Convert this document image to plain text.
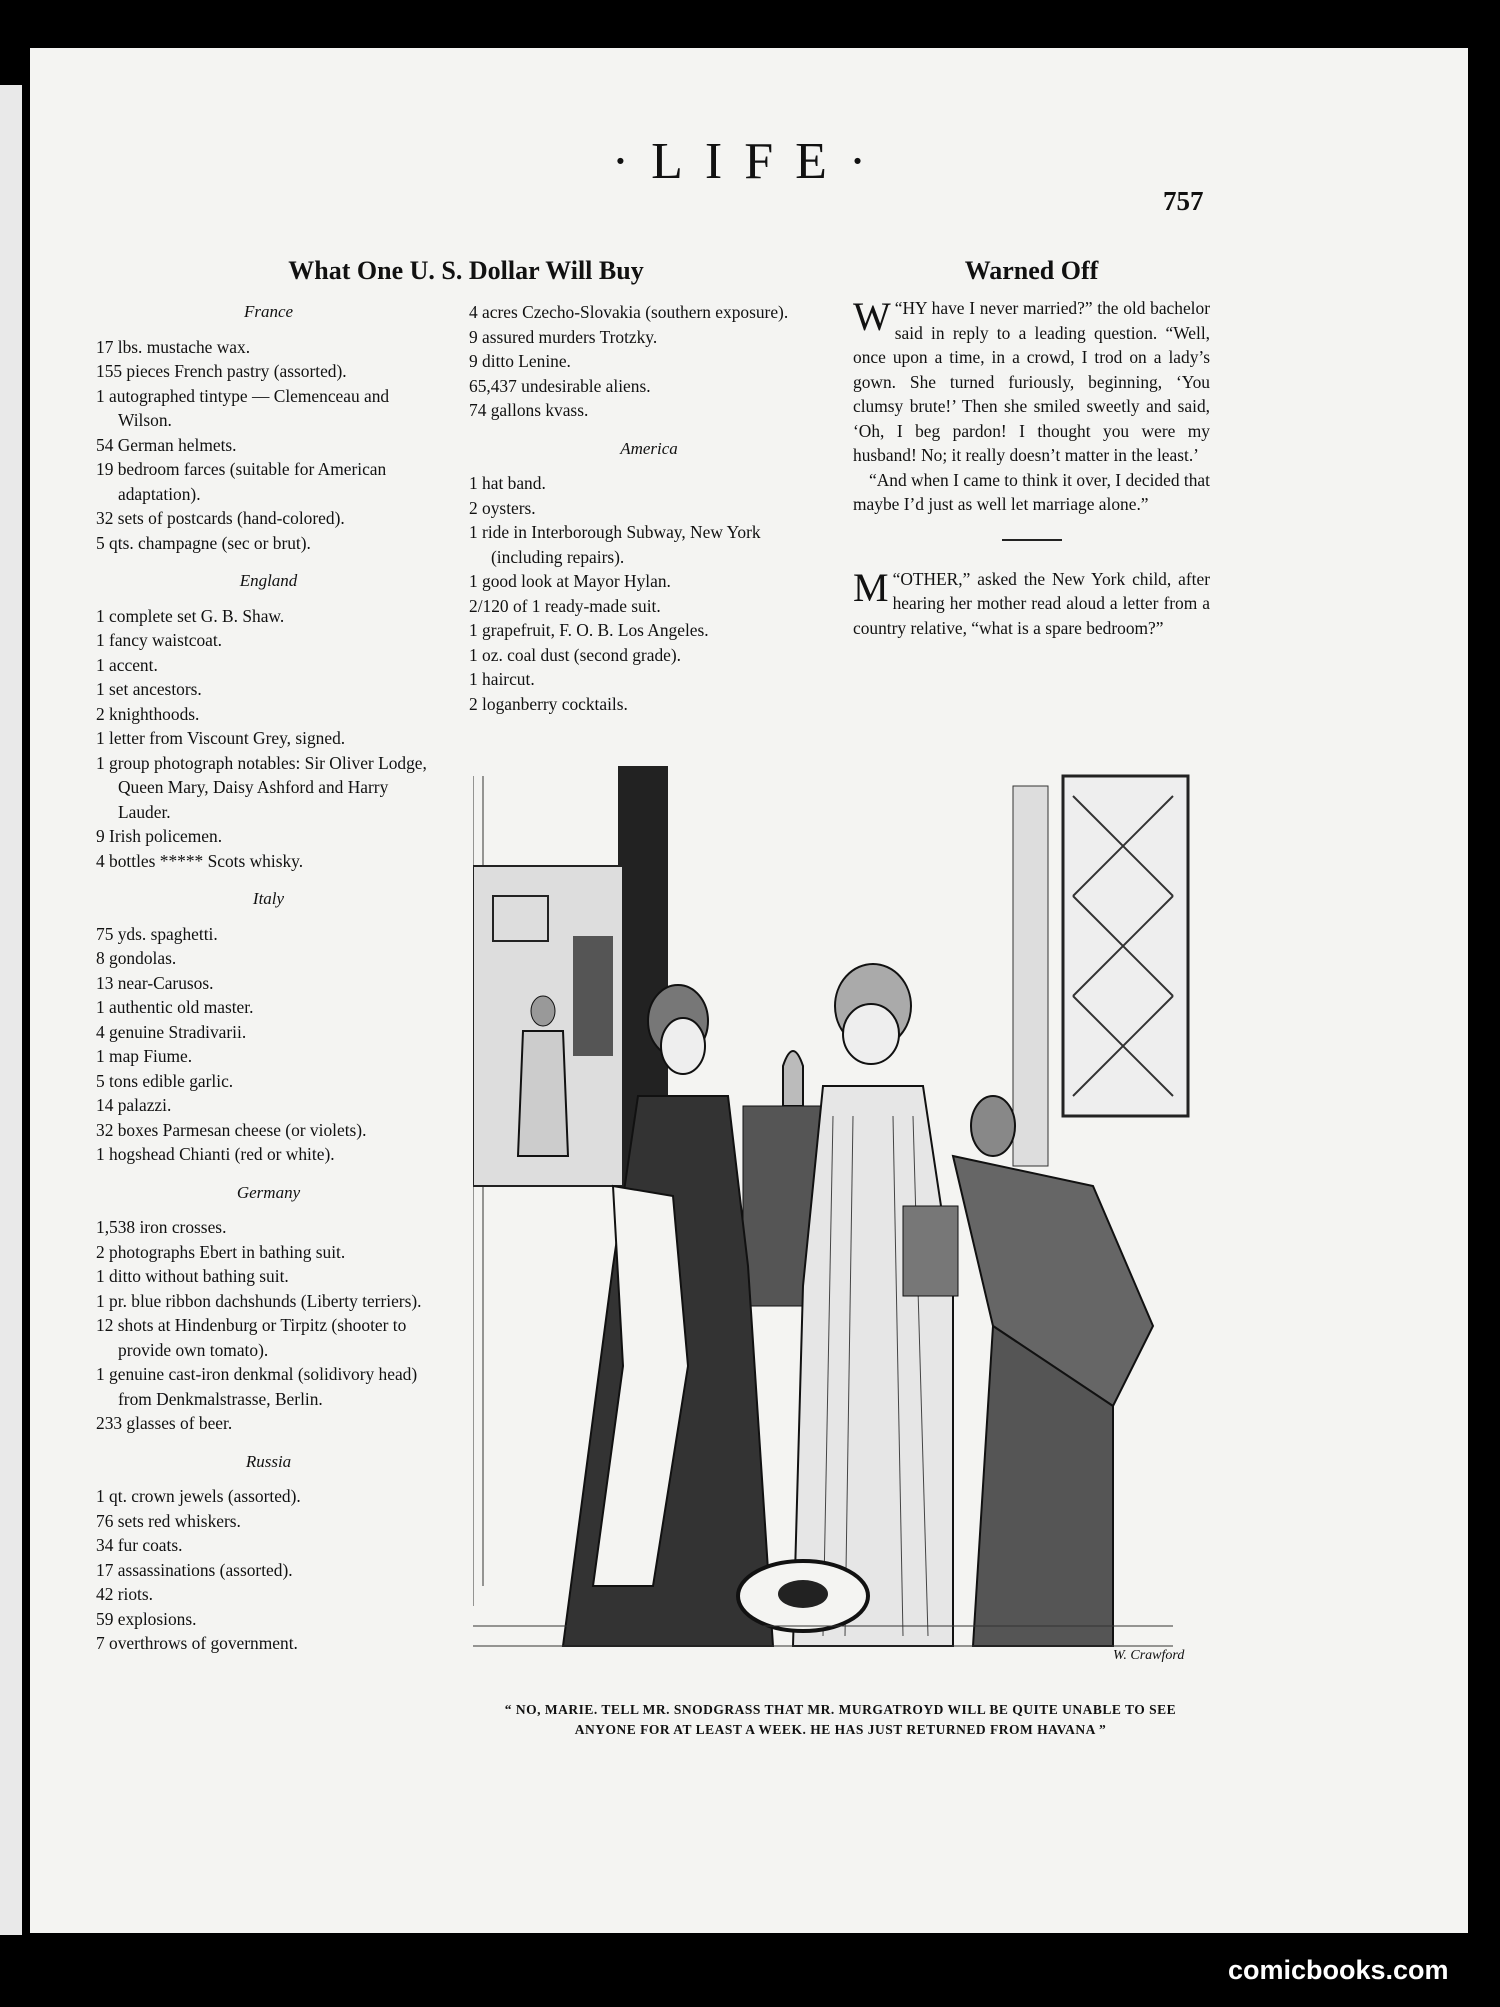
·LIFE·
757
What One U. S. Dollar Will Buy	Warned Off
France
17 lbs. mustache wax.
155 pieces French pastry (assorted).
1 autographed tintype — Clemenceau and Wilson.
54 German helmets.
19 bedroom farces (suitable for American adaptation).
32 sets of postcards (hand-colored).
5 qts. champagne (sec or brut).
England
1 complete set G. B. Shaw.
1 fancy waistcoat.
1 accent.
1 set ancestors.
2 knighthoods.
1 letter from Viscount Grey, signed.
1 group photograph notables: Sir Oliver Lodge, Queen Mary, Daisy Ashford and Harry Lauder.
9 Irish policemen.
4 bottles ***** Scots whisky.
Italy
75 yds. spaghetti.
8 gondolas.
13 near-Carusos.
1 authentic old master.
4 genuine Stradivarii.
1 map Fiume.
5 tons edible garlic.
14 palazzi.
32 boxes Parmesan cheese (or violets).
1 hogshead Chianti (red or white).
Germany
1,538 iron crosses.
2 photographs Ebert in bathing suit.
1 ditto without bathing suit.
1 pr. blue ribbon dachshunds (Liberty terriers).
12 shots at Hindenburg or Tirpitz (shooter to provide own tomato).
1 genuine cast-iron denkmal (solidivory head) from Denkmalstrasse, Berlin.
233 glasses of beer.
Russia
1 qt. crown jewels (assorted).
76 sets red whiskers.
34 fur coats.
17 assassinations (assorted).
42 riots.
59 explosions.
7 overthrows of government.
4 acres Czecho-Slovakia (southern exposure).
9 assured murders Trotzky.
9 ditto Lenine.
65,437 undesirable aliens.
74 gallons kvass.
America
1 hat band.
2 oysters.
1 ride in Interborough Subway, New York (including repairs).
1 good look at Mayor Hylan.
2/120 of 1 ready-made suit.
1 grapefruit, F. O. B. Los Angeles.
1 oz. coal dust (second grade).
1 haircut.
2 loganberry cocktails.

“
W HY have I never married?” the old bachelor said in reply to a leading question. “Well, once upon a time, in a crowd, I trod on a lady’s gown. She turned furiously, beginning, ‘You clumsy brute!’ Then she smiled sweetly and said, ‘Oh, I beg pardon! I thought you were my husband! No; it really doesn’t matter in the least.’

“And when I came to think it over, I decided that maybe I’d just as well let marriage alone.”

“
M OTHER,” asked the New York child, after hearing her mother read aloud a letter from a country relative, “what is a spare bedroom?”

W. Crawford
“ NO, MARIE. TELL MR. SNODGRASS THAT MR. MURGATROYD WILL BE QUITE UNABLE TO SEE ANYONE FOR AT LEAST A WEEK. HE HAS JUST RETURNED FROM HAVANA ”
comicbooks.com
